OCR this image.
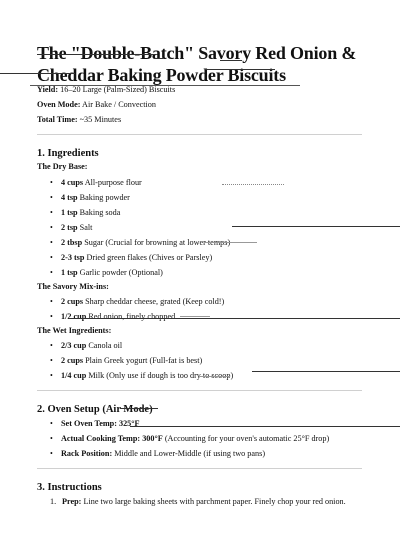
The "Double-Batch" Savory Red Onion & Cheddar Baking Powder Biscuits
Yield: 16–20 Large (Palm-Sized) Biscuits
Oven Mode: Air Bake / Convection
Total Time: ~35 Minutes
1. Ingredients
The Dry Base:
• 4 cups All-purpose flour
• 4 tsp Baking powder
• 1 tsp Baking soda
• 2 tsp Salt
• 2 tbsp Sugar (Crucial for browning at lower temps)
• 2-3 tsp Dried green flakes (Chives or Parsley)
• 1 tsp Garlic powder (Optional)
The Savory Mix-ins:
• 2 cups Sharp cheddar cheese, grated (Keep cold!)
• 1/2 cup Red onion, finely chopped
The Wet Ingredients:
• 2/3 cup Canola oil
• 2 cups Plain Greek yogurt (Full-fat is best)
• 1/4 cup Milk (Only use if dough is too dry to scoop)
2. Oven Setup (Air Mode)
• Set Oven Temp: 325°F
• Actual Cooking Temp: 300°F (Accounting for your oven's automatic 25°F drop)
• Rack Position: Middle and Lower-Middle (if using two pans)
3. Instructions
1. Prep: Line two large baking sheets with parchment paper. Finely chop your red onion.
